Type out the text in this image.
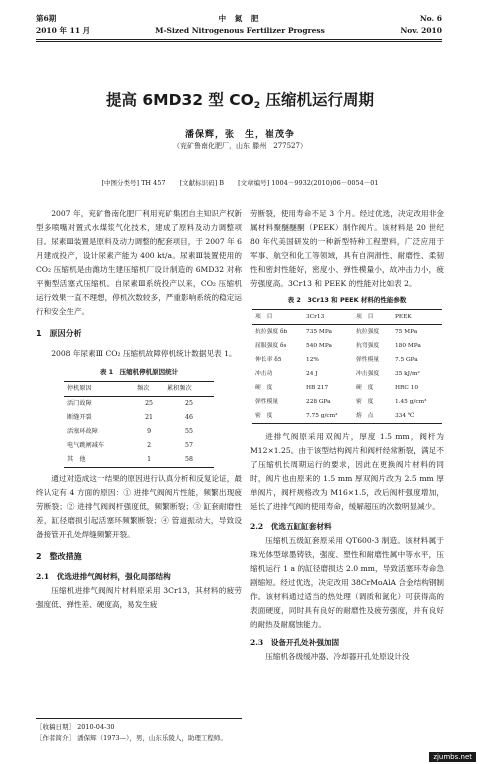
第6期	中 氮 肥	No. 6
2010 年 11 月	M-Sized Nitrogenous Fertilizer Progress	Nov. 2010
提高 6MD32 型 $CO_2$ 压缩机运行周期
潘保辉，张　生，崔茂争
（兖矿鲁南化肥厂，山东 滕州　277527）
[中图分类号] TH 457 [文献标识码] B [文章编号] 1004－9932(2010)06－0054－01

2007 年，兖矿鲁南化肥厂利用兖矿集团自主知识产权新型多喷嘴对置式水煤浆气化技术，建成了原料及动力调整项目。尿素Ⅲ装置是原料及动力调整的配套项目，于 2007 年 6 月建成投产，设计尿素产能为 400 kt/a。尿素Ⅲ装置使用的 CO₂ 压缩机是由潍坊生建压缩机厂设计制造的 6MD32 对称平衡型活塞式压缩机。自尿素Ⅲ系统投产以来，CO₂ 压缩机运行效果一直不理想，停机次数较多，严重影响系统的稳定运行和安全生产。

1　原因分析

2008 年尿素Ⅲ CO₂ 压缩机故障停机统计数据见表 1。

表 1　压缩机停机原因统计
停机原因	频次	累积频次
活门故障	25	25
断缝开裂	21	46
活塞环故障	9	55
电气跳闸减车	2	57
其　他	1	58

通过对造成这一结果的原因进行认真分析和反复论证，最终认定有 4 方面的原因：① 进排气阀阀片性能，频繁出现疲劳断裂；② 进排气阀阀杆强度低，频繁断裂；③ 缸套耐磨性差，缸径磨损引起活塞环频繁断裂；④ 管道振动大，导致设备接管开孔处焊缝频繁开裂。

2　整改措施

2.1　优选进排气阀材料，强化局部结构

压缩机进排气阀阀片材料原采用 3Cr13，其材料的疲劳强度低、弹性差、硬度高，易发生疲

［收稿日期］ 2010-04-30
［作者简介］ 潘保辉（1973—），男，山东乐陵人，助理工程师。

劳断裂，使用寿命不足 3 个月。经过优选，决定改用非金属材料聚醚醚酮（PEEK）制作阀片。该材料是 20 世纪 80 年代美国研发的一种新型特种工程塑料，广泛应用于军事、航空和化工等领域，具有自润滑性、耐磨性、柔韧性和密封性能好，密度小、弹性模量小，故冲击力小，疲劳强度高。3Cr13 和 PEEK 的性能对比如表 2。

表 2　3Cr13 和 PEEK 材料的性能参数
项　目	3Cr13	项　目	PEEK
抗拉强度 δb	735 MPa	抗拉强度	75 MPa
屈服强度 δs	540 MPa	抗弯强度	180 MPa
伸长率 δ5	12%	弹性模量	7.5 GPa
冲击功	24 J	冲击强度	35 kJ/m²
硬　度	HB 217	硬　度	HRC 10
弹性模量	228 GPa	密　度	1.45 g/cm³
密　度	7.75 g/cm³	熔　点	334 ℃

进排气阀原采用双阀片，厚度 1.5 mm，阀杆为 M12×1.25。由于该型结构阀片和阀杆经常断裂，满足不了压缩机长周期运行的要求，因此在更换阀片材料的同时，阀片也由原来的 1.5 mm 厚双阀片改为 2.5 mm 厚单阀片，阀杆规格改为 M16×1.5，改后阀杆强度增加，延长了进排气阀的使用寿命，缓解超压的次数明显减少。

2.2　优选五缸缸套材料

压缩机五级缸套原采用 QT600-3 制造。该材料属于珠光体型球墨铸铁，强度、塑性和耐磨性属中等水平，压缩机运行 1 a 的缸径磨损达 2.0 mm，导致活塞环寿命急剧缩短。经过优选，决定改用 38CrMoAlA 合金结构钢制作。该材料通过适当的热处理（调质和氮化）可获得高的表面硬度，同时具有良好的耐磨性及疲劳强度，并有良好的耐热及耐腐蚀能力。

2.3　设备开孔处补强加固

压缩机各级缓冲器、冷却器开孔处原设计没

zjumbs.net
